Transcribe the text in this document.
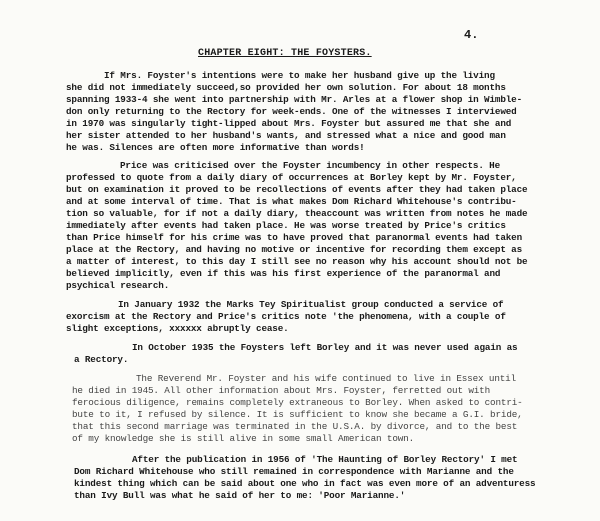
4.
CHAPTER EIGHT: THE FOYSTERS.
If Mrs. Foyster's intentions were to make her husband give up the living
she did not immediately succeed,so provided her own solution. For about 18 months
spanning 1933-4 she went into partnership with Mr. Arles at a flower shop in Wimble-
don only returning to the Rectory for week-ends. One of the witnesses I interviewed
in 1970 was singularly tight-lipped about Mrs. Foyster but assured me that she and
her sister attended to her husband's wants, and stressed what a nice and good man
he was. Silences are often more informative than words!
Price was criticised over the Foyster incumbency in other respects. He
professed to quote from a daily diary of occurrences at Borley kept by Mr. Foyster,
but on examination it proved to be recollections of events after they had taken place
and at some interval of time. That is what makes Dom Richard Whitehouse's contribu-
tion so valuable, for if not a daily diary, theaccount was written from notes he made
immediately after events had taken place. He was worse treated by Price's critics
than Price himself for his crime was to have proved that paranormal events had taken
place at the Rectory, and having no motive or incentive for recording them except as
a matter of interest, to this day I still see no reason why his account should not be
believed implicitly, even if this was his first experience of the paranormal and
psychical research.
In January 1932 the Marks Tey Spiritualist group conducted a service of
exorcism at the Rectory and Price's critics note 'the phenomena, with a couple of
slight exceptions, xxxxxx abruptly cease.
In October 1935 the Foysters left Borley and it was never used again as
a Rectory.
The Reverend Mr. Foyster and his wife continued to live in Essex until
he died in 1945. All other information about Mrs. Foyster, ferretted out with
ferocious diligence, remains completely extraneous to Borley. When asked to contri-
bute to it, I refused by silence. It is sufficient to know she became a G.I. bride,
that this second marriage was terminated in the U.S.A. by divorce, and to the best
of my knowledge she is still alive in some small American town.
After the publication in 1956 of 'The Haunting of Borley Rectory' I met
Dom Richard Whitehouse who still remained in correspondence with Marianne and the
kindest thing which can be said about one who in fact was even more of an adventuress
than Ivy Bull was what he said of her to me: 'Poor Marianne.'
